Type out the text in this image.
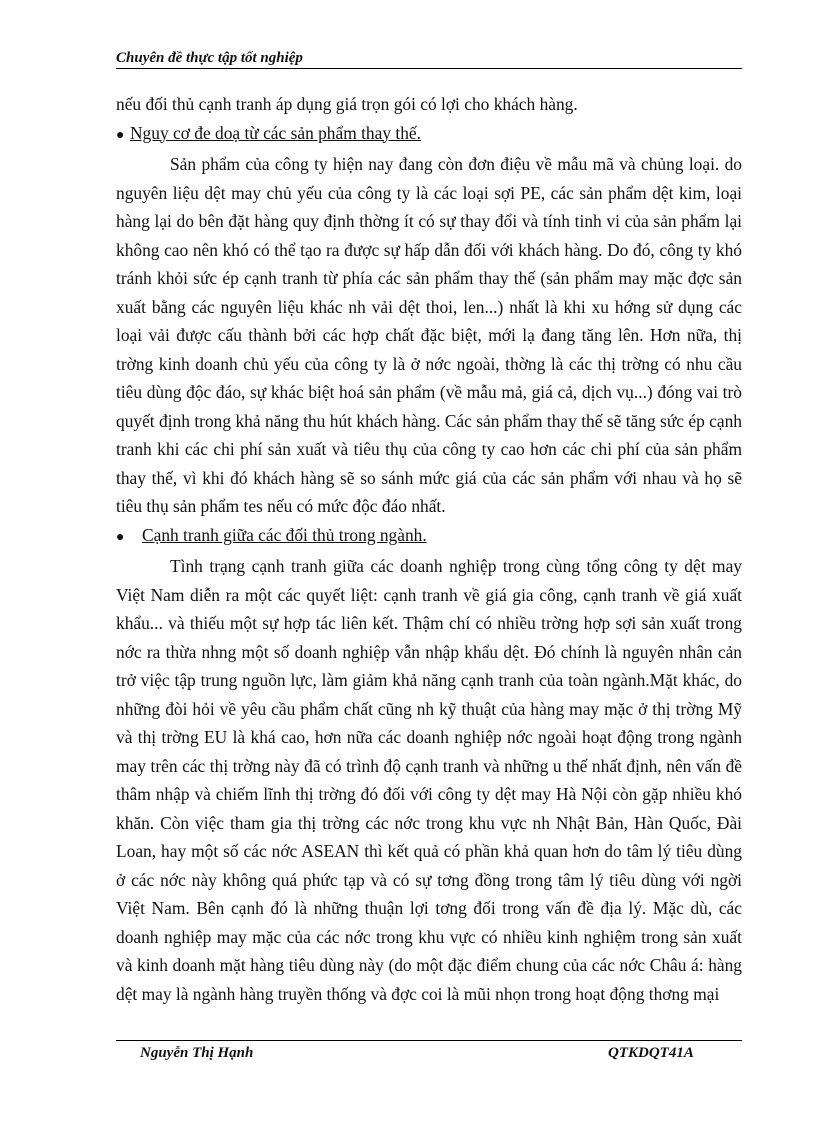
Chuyên đề thực tập tốt nghiệp

nếu đối thủ cạnh tranh áp dụng giá trọn gói có lợi cho khách hàng.

● Nguy cơ đe doạ từ các sản phẩm thay thế.

Sản phẩm của công ty hiện nay đang còn đơn điệu về mẫu mã và chủng loại. do nguyên liệu dệt may chủ yếu của công ty là các loại sợi PE, các sản phẩm dệt kim, loại hàng lại do bên đặt hàng quy định thờng ít có sự thay đổi và tính tinh vi của sản phẩm lại không cao nên khó có thể tạo ra được sự hấp dẫn đối với khách hàng. Do đó, công ty khó tránh khỏi sức ép cạnh tranh từ phía các sản phẩm thay thế (sản phẩm may mặc đợc sản xuất bằng các nguyên liệu khác nh vải dệt thoi, len...) nhất là khi xu hớng sử dụng các loại vải được cấu thành bởi các hợp chất đặc biệt, mới lạ đang tăng lên. Hơn nữa, thị trờng kinh doanh chủ yếu của công ty là ở nớc ngoài, thờng là các thị trờng có nhu cầu tiêu dùng độc đáo, sự khác biệt hoá sản phẩm (về mẫu mả, giá cả, dịch vụ...) đóng vai trò quyết định trong khả năng thu hút khách hàng. Các sản phẩm thay thế sẽ tăng sức ép cạnh tranh khi các chi phí sản xuất và tiêu thụ của công ty cao hơn các chi phí của sản phẩm thay thế, vì khi đó khách hàng sẽ so sánh mức giá của các sản phẩm với nhau và họ sẽ tiêu thụ sản phẩm tes nếu có mức độc đáo nhất.

●	Cạnh tranh giữa các đối thủ trong ngành.

Tình trạng cạnh tranh giữa các doanh nghiệp trong cùng tổng công ty dệt may Việt Nam diễn ra một các quyết liệt: cạnh tranh về giá gia công, cạnh tranh về giá xuất khẩu... và thiếu một sự hợp tác liên kết. Thậm chí có nhiều trờng hợp sợi sản xuất trong nớc ra thừa nhng một số doanh nghiệp vẫn nhập khẩu dệt. Đó chính là nguyên nhân cản trở việc tập trung nguồn lực, làm giảm khả năng cạnh tranh của toàn ngành.Mặt khác, do những đòi hỏi về yêu cầu phẩm chất cũng nh kỹ thuật của hàng may mặc ở thị trờng Mỹ và thị trờng EU là khá cao, hơn nữa các doanh nghiệp nớc ngoài hoạt động trong ngành may trên các thị trờng này đã có trình độ cạnh tranh và những u thế nhất định, nên vấn đề thâm nhập và chiếm lĩnh thị trờng đó đối với công ty dệt may Hà Nội còn gặp nhiều khó khăn. Còn việc tham gia thị trờng các nớc trong khu vực nh Nhật Bản, Hàn Quốc, Đài Loan, hay một số các nớc ASEAN thì kết quả có phần khả quan hơn do tâm lý tiêu dùng ở các nớc này không quá phức tạp và có sự tơng đồng trong tâm lý tiêu dùng với ngời Việt Nam. Bên cạnh đó là những thuận lợi tơng đối trong vấn đề địa lý. Mặc dù, các doanh nghiệp may mặc của các nớc trong khu vực có nhiều kinh nghiệm trong sản xuất và kinh doanh mặt hàng tiêu dùng này (do một đặc điểm chung của các nớc Châu á: hàng dệt may là ngành hàng truyền thống và đợc coi là mũi nhọn trong hoạt động thơng mại

Nguyễn Thị Hạnh	QTKDQT41A
